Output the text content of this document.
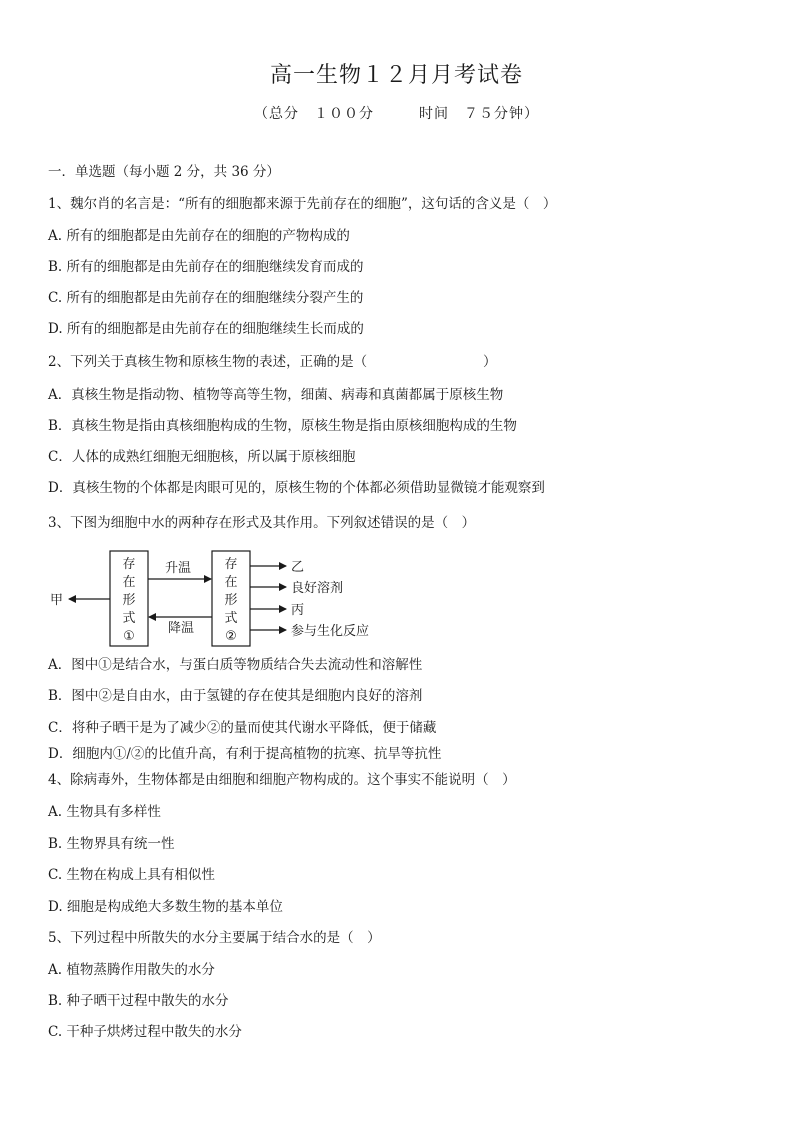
高一生物１２月月考试卷
（总分　１００分　　　时间　７５分钟）
一．单选题（每小题 2 分，共 36 分）
1、魏尔肖的名言是：“所有的细胞都来源于先前存在的细胞”，这句话的含义是（　）
A. 所有的细胞都是由先前存在的细胞的产物构成的
B. 所有的细胞都是由先前存在的细胞继续发育而成的
C. 所有的细胞都是由先前存在的细胞继续分裂产生的
D. 所有的细胞都是由先前存在的细胞继续生长而成的
2、下列关于真核生物和原核生物的表述，正确的是（                           ）
A．真核生物是指动物、植物等高等生物，细菌、病毒和真菌都属于原核生物
B．真核生物是指由真核细胞构成的生物，原核生物是指由原核细胞构成的生物
C．人体的成熟红细胞无细胞核，所以属于原核细胞
D．真核生物的个体都是肉眼可见的，原核生物的个体都必须借助显微镜才能观察到
3、下图为细胞中水的两种存在形式及其作用。下列叙述错误的是（　）
存
在
形
式
①
存
在
形
式
②
升温
降温
甲
乙
良好溶剂
丙
参与生化反应
A．图中①是结合水，与蛋白质等物质结合失去流动性和溶解性
B．图中②是自由水，由于氢键的存在使其是细胞内良好的溶剂
C．将种子晒干是为了减少②的量而使其代谢水平降低，便于储藏
D．细胞内①/②的比值升高，有利于提高植物的抗寒、抗旱等抗性
4、除病毒外，生物体都是由细胞和细胞产物构成的。这个事实不能说明（　）
A. 生物具有多样性
B. 生物界具有统一性
C. 生物在构成上具有相似性
D. 细胞是构成绝大多数生物的基本单位
5、下列过程中所散失的水分主要属于结合水的是（　）
A. 植物蒸腾作用散失的水分
B. 种子晒干过程中散失的水分
C. 干种子烘烤过程中散失的水分
